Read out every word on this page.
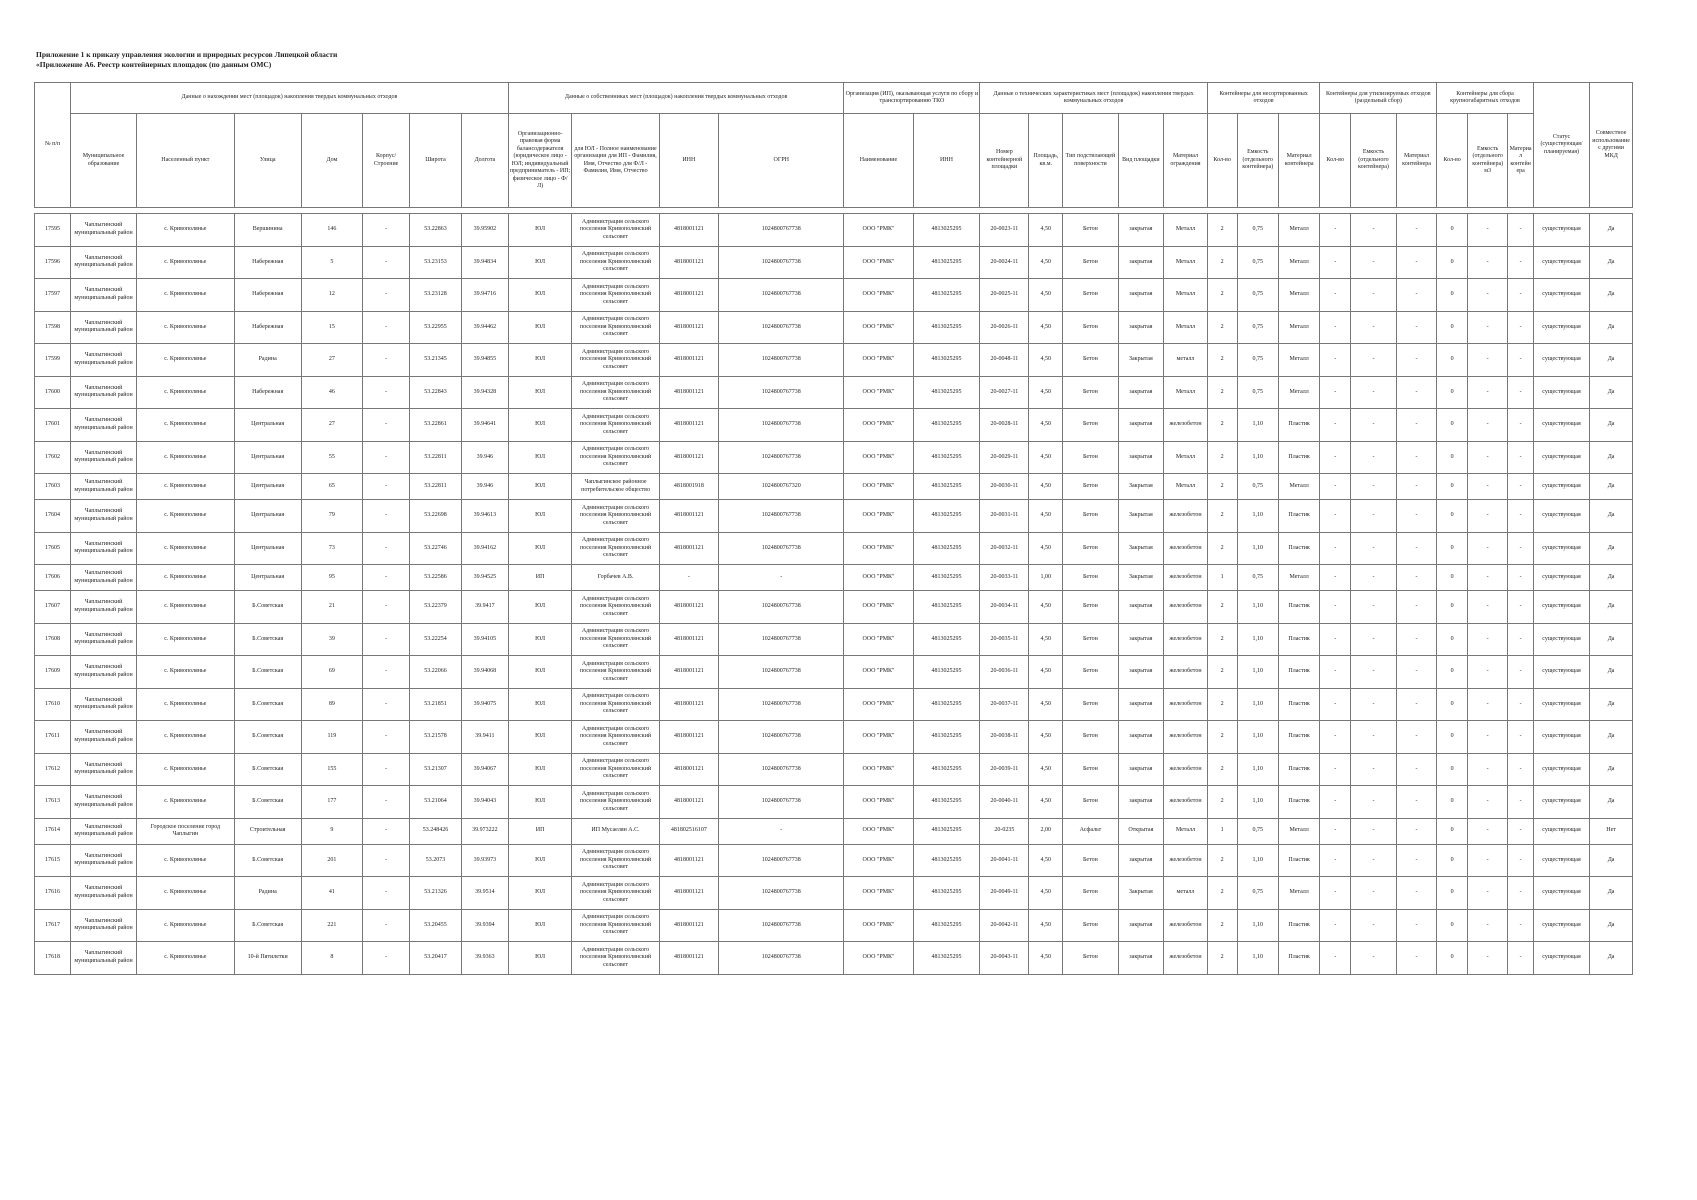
Приложение 1 к приказу управления экологии и природных ресурсов Липецкой области
«Приложение А6. Реестр контейнерных площадок (по данным ОМС)
№ п/п	Данные о нахождении мест (площадок) накопления твердых коммунальных отходов							Данные о собственниках мест (площадок) накопления твердых коммунальных отходов				Организация (ИП), оказывающая услуги по сбору и транспортированию ТКО		Данные о технических характеристиках мест (площадок) накопления твердых коммунальных отходов					Контейнеры для несортированных отходов			Контейнеры для утилизируемых отходов (раздельный сбор)			Контейнеры для сбора крупногабаритных отходов			Статус (существующая/ планируемая)	Совместное использование с другими МКД
	Муниципальное образование	Населенный пункт	Улица	Дом	Корпус/Строение	Широта	Долгота	Организационно-правовая форма балансодержателя (юридическое лицо - ЮЛ; индивидуальный предприниматель - ИП; физическое лицо - Ф/Л)	для ЮЛ - Полное наименование организации для ИП - Фамилия, Имя, Отчество для Ф/Л - Фамилия, Имя, Отчество	ИНН	ОГРН	Наименование	ИНН	Номер контейнерной площадки	Площадь, кв.м.	Тип подстилающей поверхности	Вид площадки	Материал ограждения	Кол-во	Емкость (отдельного контейнера)	Материал контейнера	Кол-во	Емкость (отдельного контейнера)	Материал контейнера	Кол-во	Емкость (отдельного контейнера) м3	Материал контейнера		

17595	Чаплыгинский муниципальный район	с. Кривополянье	Вершинина	146	-	53.22863	39.95902	ЮЛ	Администрация сельского поселения Кривополянский сельсовет	4818001121	1024800767738	ООО "РМК"	4813025295	20-0023-11	4,50	Бетон	закрытая	Металл	2	0,75	Металл	-	-	-	0	-	-	существующая	Да
17596	Чаплыгинский муниципальный район	с. Кривополянье	Набережная	5	-	53.23153	39.94834	ЮЛ	Администрация сельского поселения Кривополянский сельсовет	4818001121	1024800767738	ООО "РМК"	4813025295	20-0024-11	4,50	Бетон	закрытая	Металл	2	0,75	Металл	-	-	-	0	-	-	существующая	Да
17597	Чаплыгинский муниципальный район	с. Кривополянье	Набережная	12	-	53.23128	39.94716	ЮЛ	Администрация сельского поселения Кривополянский сельсовет	4818001121	1024800767738	ООО "РМК"	4813025295	20-0025-11	4,50	Бетон	закрытая	Металл	2	0,75	Металл	-	-	-	0	-	-	существующая	Да
17598	Чаплыгинский муниципальный район	с. Кривополянье	Набережная	15	-	53.22955	39.94462	ЮЛ	Администрация сельского поселения Кривополянский сельсовет	4818001121	1024800767738	ООО "РМК"	4813025295	20-0026-11	4,50	Бетон	закрытая	Металл	2	0,75	Металл	-	-	-	0	-	-	существующая	Да
17599	Чаплыгинский муниципальный район	с. Кривополянье	Радина	27	-	53.21345	39.94855	ЮЛ	Администрация сельского поселения Кривополянский сельсовет	4818001121	1024800767738	ООО "РМК"	4813025295	20-0048-11	4,50	Бетон	Закрытая	металл	2	0,75	Металл	-	-	-	0	-	-	существующая	Да
17600	Чаплыгинский муниципальный район	с. Кривополянье	Набережная	46	-	53.22843	39.94328	ЮЛ	Администрация сельского поселения Кривополянский сельсовет	4818001121	1024800767738	ООО "РМК"	4813025295	20-0027-11	4,50	Бетон	закрытая	Металл	2	0,75	Металл	-	-	-	0	-	-	существующая	Да
17601	Чаплыгинский муниципальный район	с. Кривополянье	Центральная	27	-	53.22861	39.94641	ЮЛ	Администрация сельского поселения Кривополянский сельсовет	4818001121	1024800767738	ООО "РМК"	4813025295	20-0028-11	4,50	Бетон	закрытая	железобетон	2	1,10	Пластик	-	-	-	0	-	-	существующая	Да
17602	Чаплыгинский муниципальный район	с. Кривополянье	Центральная	55	-	53.22811	39.946	ЮЛ	Администрация сельского поселения Кривополянский сельсовет	4818001121	1024800767738	ООО "РМК"	4813025295	20-0029-11	4,50	Бетон	закрытая	Металл	2	1,10	Пластик	-	-	-	0	-	-	существующая	Да
17603	Чаплыгинский муниципальный район	с. Кривополянье	Центральная	65	-	53.22811	39.946	ЮЛ	Чаплыгинское районное потребительское общество	4818001918	1024800767320	ООО "РМК"	4813025295	20-0030-11	4,50	Бетон	Закрытая	Металл	2	0,75	Металл	-	-	-	0	-	-	существующая	Да
17604	Чаплыгинский муниципальный район	с. Кривополянье	Центральная	79	-	53.22698	39.94613	ЮЛ	Администрация сельского поселения Кривополянский сельсовет	4818001121	1024800767738	ООО "РМК"	4813025295	20-0031-11	4,50	Бетон	Закрытая	железобетон	2	1,10	Пластик	-	-	-	0	-	-	существующая	Да
17605	Чаплыгинский муниципальный район	с. Кривополянье	Центральная	73	-	53.22746	39.94162	ЮЛ	Администрация сельского поселения Кривополянский сельсовет	4818001121	1024800767738	ООО "РМК"	4813025295	20-0032-11	4,50	Бетон	Закрытая	железобетон	2	1,10	Пластик	-	-	-	0	-	-	существующая	Да
17606	Чаплыгинский муниципальный район	с. Кривополянье	Центральная	95	-	53.22586	39.94525	ИП	Горбачев А.В.	-	-	ООО "РМК"	4813025295	20-0033-11	1,00	Бетон	Закрытая	железобетон	1	0,75	Металл	-	-	-	0	-	-	существующая	Да
17607	Чаплыгинский муниципальный район	с. Кривополянье	Б.Советская	21	-	53.22379	39.9417	ЮЛ	Администрация сельского поселения Кривополянский сельсовет	4818001121	1024800767738	ООО "РМК"	4813025295	20-0034-11	4,50	Бетон	закрытая	железобетон	2	1,10	Пластик	-	-	-	0	-	-	существующая	Да
17608	Чаплыгинский муниципальный район	с. Кривополянье	Б.Советская	39	-	53.22254	39.94105	ЮЛ	Администрация сельского поселения Кривополянский сельсовет	4818001121	1024800767738	ООО "РМК"	4813025295	20-0035-11	4,50	Бетон	закрытая	железобетон	2	1,10	Пластик	-	-	-	0	-	-	существующая	Да
17609	Чаплыгинский муниципальный район	с. Кривополянье	Б.Советская	69	-	53.22066	39.94068	ЮЛ	Администрация сельского поселения Кривополянский сельсовет	4818001121	1024800767738	ООО "РМК"	4813025295	20-0036-11	4,50	Бетон	закрытая	железобетон	2	1,10	Пластик	-	-	-	0	-	-	существующая	Да
17610	Чаплыгинский муниципальный район	с. Кривополянье	Б.Советская	89	-	53.21851	39.94075	ЮЛ	Администрация сельского поселения Кривополянский сельсовет	4818001121	1024800767738	ООО "РМК"	4813025295	20-0037-11	4,50	Бетон	закрытая	железобетон	2	1,10	Пластик	-	-	-	0	-	-	существующая	Да
17611	Чаплыгинский муниципальный район	с. Кривополянье	Б.Советская	119	-	53.21578	39.9411	ЮЛ	Администрация сельского поселения Кривополянский сельсовет	4818001121	1024800767738	ООО "РМК"	4813025295	20-0038-11	4,50	Бетон	закрытая	железобетон	2	1,10	Пластик	-	-	-	0	-	-	существующая	Да
17612	Чаплыгинский муниципальный район	с. Кривополянье	Б.Советская	155	-	53.21307	39.94067	ЮЛ	Администрация сельского поселения Кривополянский сельсовет	4818001121	1024800767738	ООО "РМК"	4813025295	20-0039-11	4,50	Бетон	закрытая	железобетон	2	1,10	Пластик	-	-	-	0	-	-	существующая	Да
17613	Чаплыгинский муниципальный район	с. Кривополянье	Б.Советская	177	-	53.21064	39.94043	ЮЛ	Администрация сельского поселения Кривополянский сельсовет	4818001121	1024800767738	ООО "РМК"	4813025295	20-0040-11	4,50	Бетон	закрытая	железобетон	2	1,10	Пластик	-	-	-	0	-	-	существующая	Да
17614	Чаплыгинский муниципальный район	Городское поселение город Чаплыгин	Строительная	9	-	53.248426	39.973222	ИП	ИП Мусаелян А.С.	481802516107	-	ООО "РМК"	4813025295	20-0235	2,00	Асфальт	Открытая	Металл	1	0,75	Металл	-	-	-	0	-	-	существующая	Нет
17615	Чаплыгинский муниципальный район	с. Кривополянье	Б.Советская	201	-	53.2073	39.93973	ЮЛ	Администрация сельского поселения Кривополянский сельсовет	4818001121	1024800767738	ООО "РМК"	4813025295	20-0041-11	4,50	Бетон	закрытая	железобетон	2	1,10	Пластик	-	-	-	0	-	-	существующая	Да
17616	Чаплыгинский муниципальный район	с. Кривополянье	Радина	41	-	53.21326	39.9514	ЮЛ	Администрация сельского поселения Кривополянский сельсовет	4818001121	1024800767738	ООО "РМК"	4813025295	20-0049-11	4,50	Бетон	Закрытая	металл	2	0,75	Металл	-	-	-	0	-	-	существующая	Да
17617	Чаплыгинский муниципальный район	с. Кривополянье	Б.Советская	221	-	53.20455	39.9394	ЮЛ	Администрация сельского поселения Кривополянский сельсовет	4818001121	1024800767738	ООО "РМК"	4813025295	20-0042-11	4,50	Бетон	закрытая	железобетон	2	1,10	Пластик	-	-	-	0	-	-	существующая	Да
17618	Чаплыгинский муниципальный район	с. Кривополянье	10-й Пятилетки	8	-	53.20417	39.9363	ЮЛ	Администрация сельского поселения Кривополянский сельсовет	4818001121	1024800767738	ООО "РМК"	4813025295	20-0043-11	4,50	Бетон	закрытая	железобетон	2	1,10	Пластик	-	-	-	0	-	-	существующая	Да
